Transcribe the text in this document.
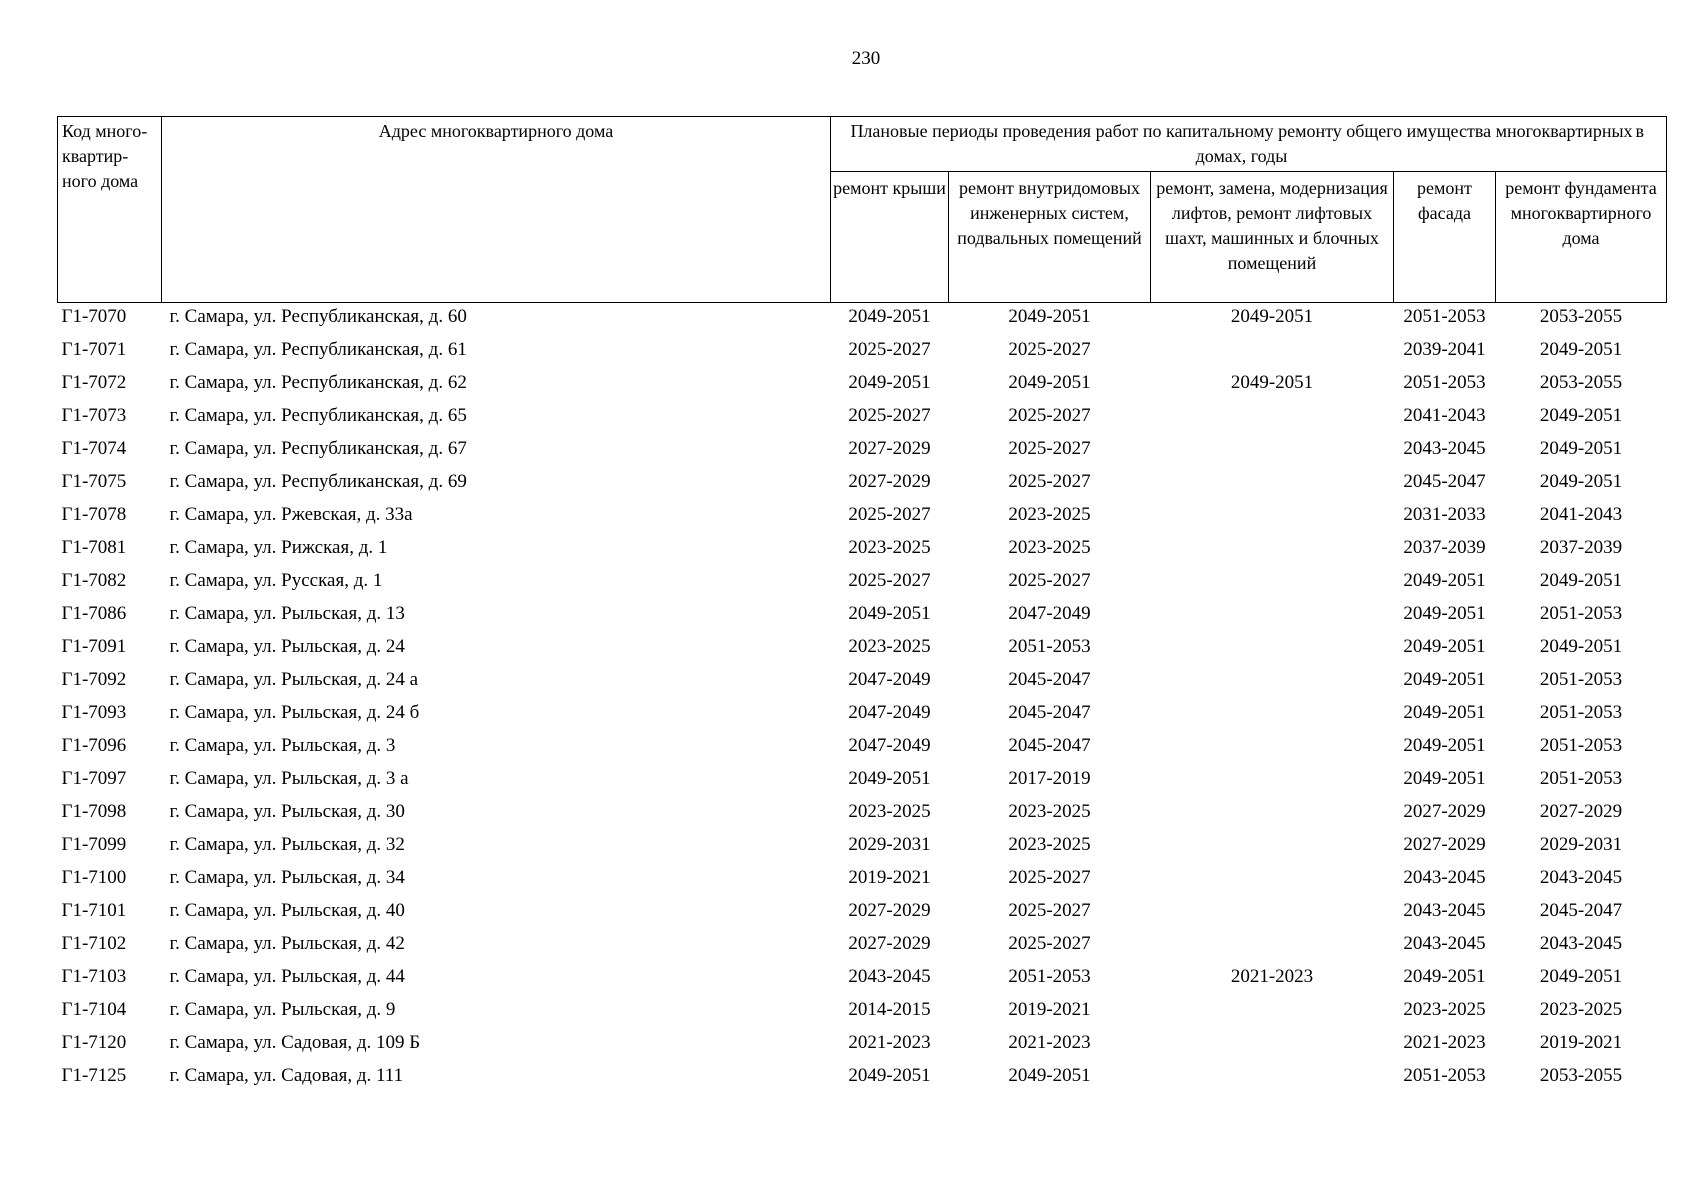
230
Код много-квартир-ного дома	Адрес многоквартирного дома	Плановые периоды проведения работ по капитальному ремонту общего имущества многоквартирных домах, годы
в				

		ремонт крыши	ремонт внутридомовых инженерных систем, подвальных помещений	ремонт, замена, модернизация лифтов, ремонт лифтовых шахт, машинных и блочных помещений	ремонт фасада	ремонт фундамента многоквартирного дома
Г1-7070	г. Самара, ул. Республиканская, д. 60	2049-2051	2049-2051	2049-2051	2051-2053	2053-2055
Г1-7071	г. Самара, ул. Республиканская, д. 61	2025-2027	2025-2027		2039-2041	2049-2051
Г1-7072	г. Самара, ул. Республиканская, д. 62	2049-2051	2049-2051	2049-2051	2051-2053	2053-2055
Г1-7073	г. Самара, ул. Республиканская, д. 65	2025-2027	2025-2027		2041-2043	2049-2051
Г1-7074	г. Самара, ул. Республиканская, д. 67	2027-2029	2025-2027		2043-2045	2049-2051
Г1-7075	г. Самара, ул. Республиканская, д. 69	2027-2029	2025-2027		2045-2047	2049-2051
Г1-7078	г. Самара, ул. Ржевская, д. 33а	2025-2027	2023-2025		2031-2033	2041-2043
Г1-7081	г. Самара, ул. Рижская, д. 1	2023-2025	2023-2025		2037-2039	2037-2039
Г1-7082	г. Самара, ул. Русская, д. 1	2025-2027	2025-2027		2049-2051	2049-2051
Г1-7086	г. Самара, ул. Рыльская, д. 13	2049-2051	2047-2049		2049-2051	2051-2053
Г1-7091	г. Самара, ул. Рыльская, д. 24	2023-2025	2051-2053		2049-2051	2049-2051
Г1-7092	г. Самара, ул. Рыльская, д. 24 а	2047-2049	2045-2047		2049-2051	2051-2053
Г1-7093	г. Самара, ул. Рыльская, д. 24 б	2047-2049	2045-2047		2049-2051	2051-2053
Г1-7096	г. Самара, ул. Рыльская, д. 3	2047-2049	2045-2047		2049-2051	2051-2053
Г1-7097	г. Самара, ул. Рыльская, д. 3 а	2049-2051	2017-2019		2049-2051	2051-2053
Г1-7098	г. Самара, ул. Рыльская, д. 30	2023-2025	2023-2025		2027-2029	2027-2029
Г1-7099	г. Самара, ул. Рыльская, д. 32	2029-2031	2023-2025		2027-2029	2029-2031
Г1-7100	г. Самара, ул. Рыльская, д. 34	2019-2021	2025-2027		2043-2045	2043-2045
Г1-7101	г. Самара, ул. Рыльская, д. 40	2027-2029	2025-2027		2043-2045	2045-2047
Г1-7102	г. Самара, ул. Рыльская, д. 42	2027-2029	2025-2027		2043-2045	2043-2045
Г1-7103	г. Самара, ул. Рыльская, д. 44	2043-2045	2051-2053	2021-2023	2049-2051	2049-2051
Г1-7104	г. Самара, ул. Рыльская, д. 9	2014-2015	2019-2021		2023-2025	2023-2025
Г1-7120	г. Самара, ул. Садовая, д. 109 Б	2021-2023	2021-2023		2021-2023	2019-2021
Г1-7125	г. Самара, ул. Садовая, д. 111	2049-2051	2049-2051		2051-2053	2053-2055
